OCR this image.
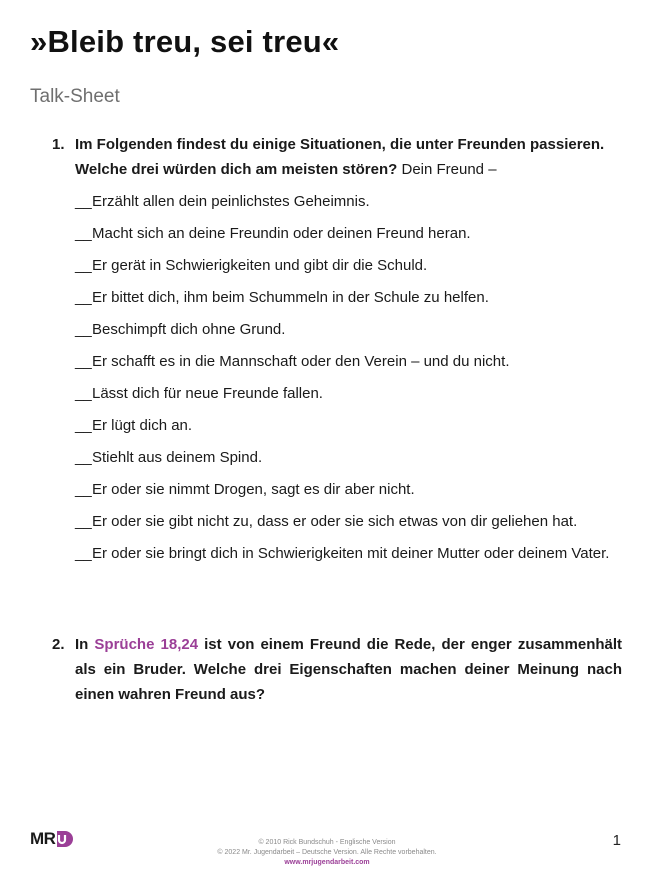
»Bleib treu, sei treu«
Talk-Sheet
1. Im Folgenden findest du einige Situationen, die unter Freunden passieren. Welche drei würden dich am meisten stören? Dein Freund –
__ Erzählt allen dein peinlichstes Geheimnis.
__ Macht sich an deine Freundin oder deinen Freund heran.
__ Er gerät in Schwierigkeiten und gibt dir die Schuld.
__ Er bittet dich, ihm beim Schummeln in der Schule zu helfen.
__ Beschimpft dich ohne Grund.
__ Er schafft es in die Mannschaft oder den Verein – und du nicht.
__ Lässt dich für neue Freunde fallen.
__ Er lügt dich an.
__ Stiehlt aus deinem Spind.
__ Er oder sie nimmt Drogen, sagt es dir aber nicht.
__ Er oder sie gibt nicht zu, dass er oder sie sich etwas von dir geliehen hat.
__ Er oder sie bringt dich in Schwierigkeiten mit deiner Mutter oder deinem Vater.
2. In Sprüche 18,24 ist von einem Freund die Rede, der enger zusammenhält als ein Bruder. Welche drei Eigenschaften machen deiner Meinung nach einen wahren Freund aus?
MR	© 2010 Rick Bundschuh - Englische Version
© 2022 Mr. Jugendarbeit – Deutsche Version. Alle Rechte vorbehalten.
www.mrjugendarbeit.com
1
